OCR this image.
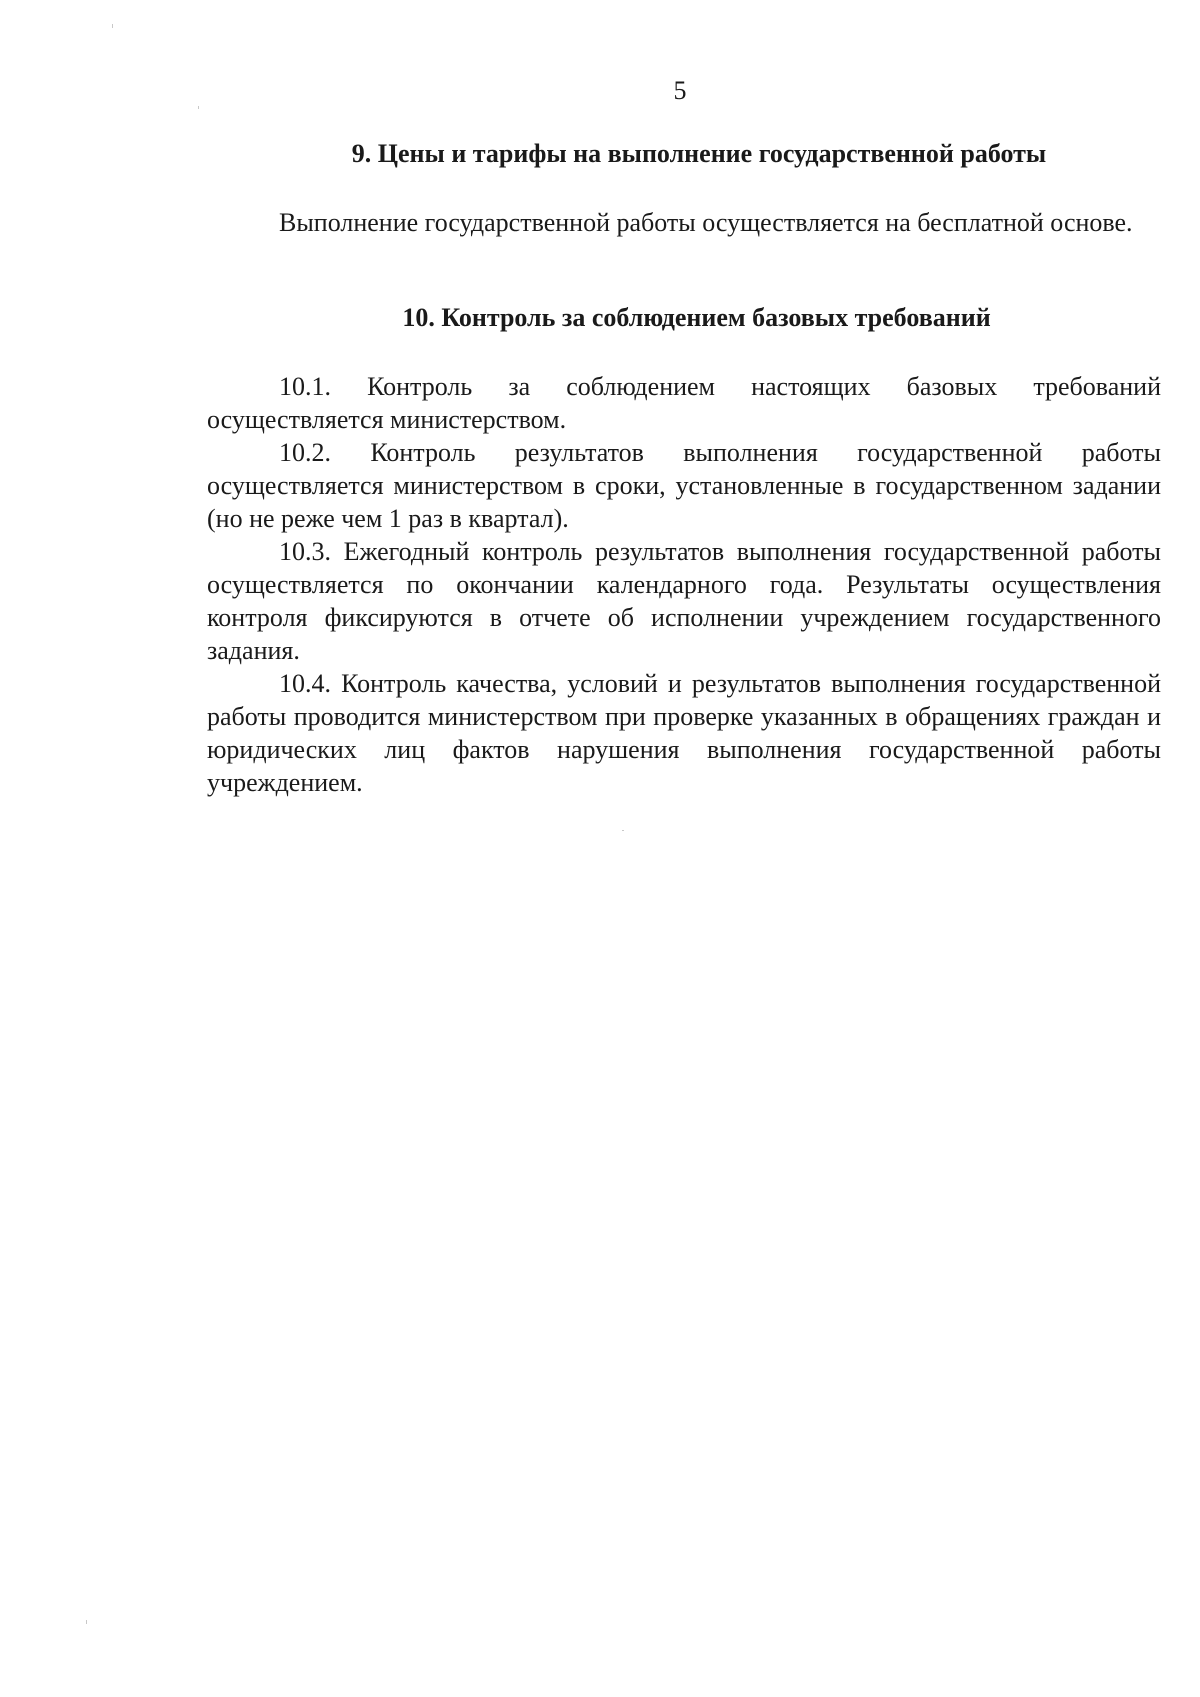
5
9. Цены и тарифы на выполнение государственной работы

Выполнение государственной работы осуществляется на бесплатной основе.

10. Контроль за соблюдением базовых требований

10.1. Контроль за соблюдением настоящих базовых требований осуществляется министерством.

10.2. Контроль результатов выполнения государственной работы осуществляется министерством в сроки, установленные в государственном задании (но не реже чем 1 раз в квартал).

10.3. Ежегодный контроль результатов выполнения государственной работы осуществляется по окончании календарного года. Результаты осуществления контроля фиксируются в отчете об исполнении учреждением государственного задания.

10.4. Контроль качества, условий и результатов выполнения государственной работы проводится министерством при проверке указанных в обращениях граждан и юридических лиц фактов нарушения выполнения государственной работы учреждением.
